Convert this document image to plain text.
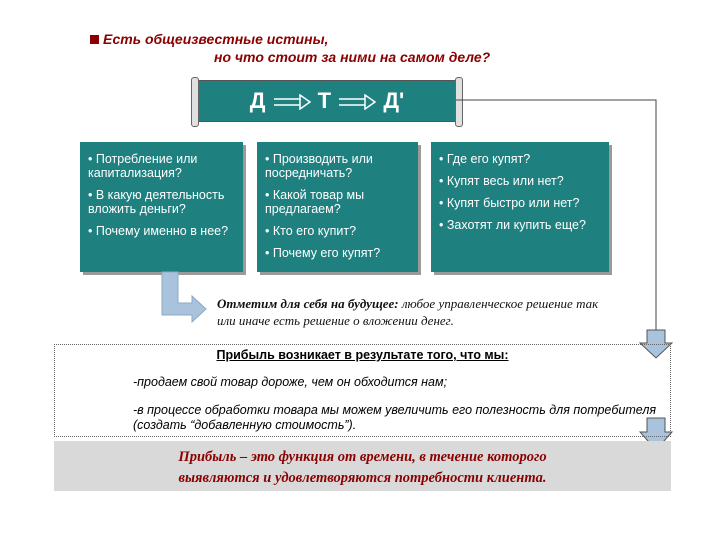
Есть общеизвестные истины,
но что стоит за ними на самом деле?
Д Т Д'

• Потребление или капитализация?

• В какую деятельность вложить деньги?

• Почему именно в нее?

• Производить или посредничать?

• Какой товар мы предлагаем?

• Кто его купит?

• Почему его купят?

• Где его купят?

• Купят весь или нет?

• Купят быстро или нет?

• Захотят ли купить еще?

Отметим для себя на будущее: любое управленческое решение так или иначе есть решение о вложении денег.
Прибыль возникает в результате того, что мы:
-продаем свой товар дороже, чем он обходится нам;
-в процессе обработки товара мы можем увеличить его полезность для потребителя (создать “добавленную стоимость”).
Прибыль – это функция от времени, в течение которого
выявляются и удовлетворяются потребности клиента.
